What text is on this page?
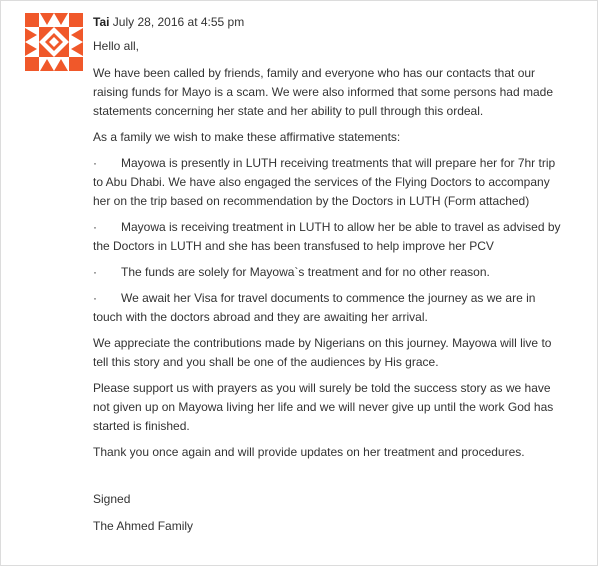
Tai July 28, 2016 at 4:55 pm

Hello all,

We have been called by friends, family and everyone who has our contacts that our raising funds for Mayo is a scam. We were also informed that some persons had made statements concerning her state and her ability to pull through this ordeal.

As a family we wish to make these affirmative statements:

· Mayowa is presently in LUTH receiving treatments that will prepare her for 7hr trip to Abu Dhabi. We have also engaged the services of the Flying Doctors to accompany her on the trip based on recommendation by the Doctors in LUTH (Form attached)

· Mayowa is receiving treatment in LUTH to allow her be able to travel as advised by the Doctors in LUTH and she has been transfused to help improve her PCV

· The funds are solely for Mayowa`s treatment and for no other reason.

· We await her Visa for travel documents to commence the journey as we are in touch with the doctors abroad and they are awaiting her arrival.

We appreciate the contributions made by Nigerians on this journey. Mayowa will live to tell this story and you shall be one of the audiences by His grace.

Please support us with prayers as you will surely be told the success story as we have not given up on Mayowa living her life and we will never give up until the work God has started is finished.

Thank you once again and will provide updates on her treatment and procedures.

Signed

The Ahmed Family
